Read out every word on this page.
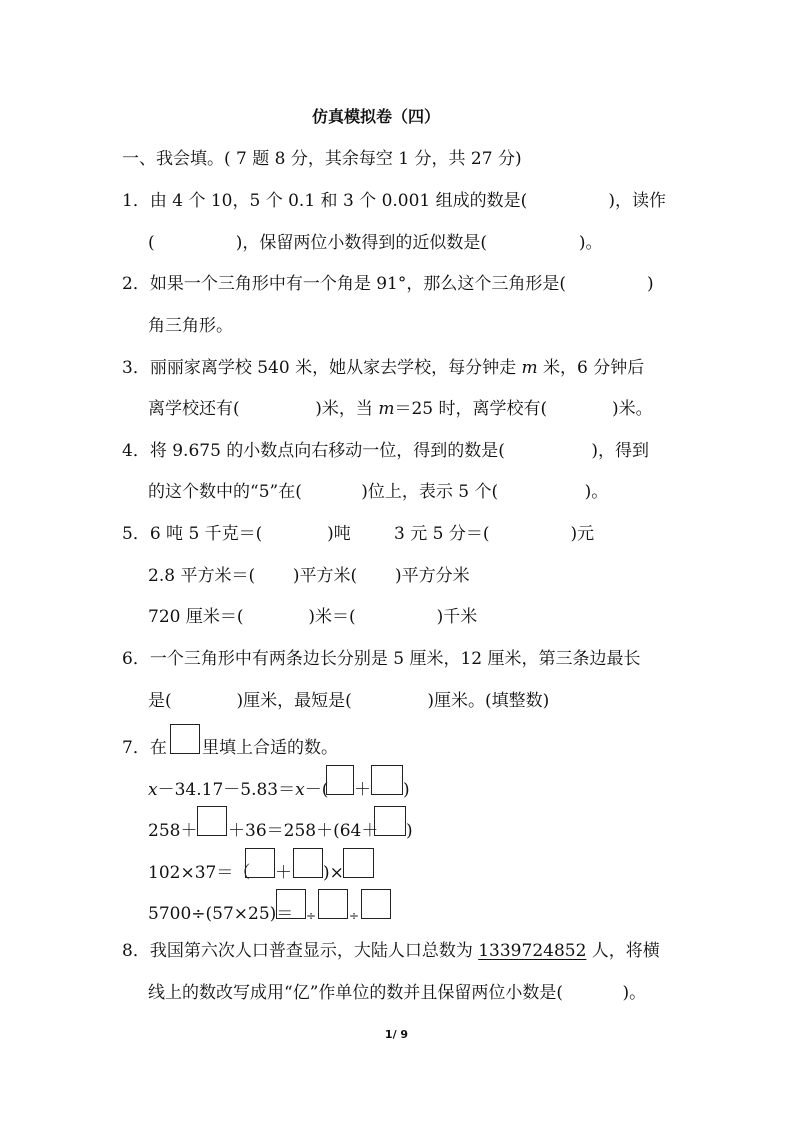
仿真模拟卷（四）
一、我会填。( 7 题 8 分，其余每空 1 分，共 27 分)
1．由 4 个 10，5 个 0.1 和 3 个 0.001 组成的数是(               )，读作
(               )，保留两位小数得到的近似数是(                 )。
2．如果一个三角形中有一个角是 91°，那么这个三角形是(               )
角三角形。
3．丽丽家离学校 540 米，她从家去学校，每分钟走 m 米，6 分钟后
离学校还有(              )米，当 m＝25 时，离学校有(            )米。
4．将 9.675 的小数点向右移动一位，得到的数是(                )，得到
的这个数中的“5”在(           )位上，表示 5 个(                )。
5．6 吨 5 千克＝(            )吨        3 元 5 分＝(               )元
2.8 平方米＝(       )平方米(       )平方分米
720 厘米＝(            )米＝(               )千米
6．一个三角形中有两条边长分别是 5 厘米，12 厘米，第三条边最长
是(            )厘米，最短是(              )厘米。(填整数)
7．在 里填上合适的数。
x－34.17－5.83＝x－( ＋ )
258＋ ＋36＝258＋(64＋ )
102×37＝（ ＋ )×
5700÷(57×25)＝ ÷	÷
8．我国第六次人口普查显示，大陆人口总数为 1339724852 人，将横
线上的数改写成用“亿”作单位的数并且保留两位小数是(           )。
1/ 9
